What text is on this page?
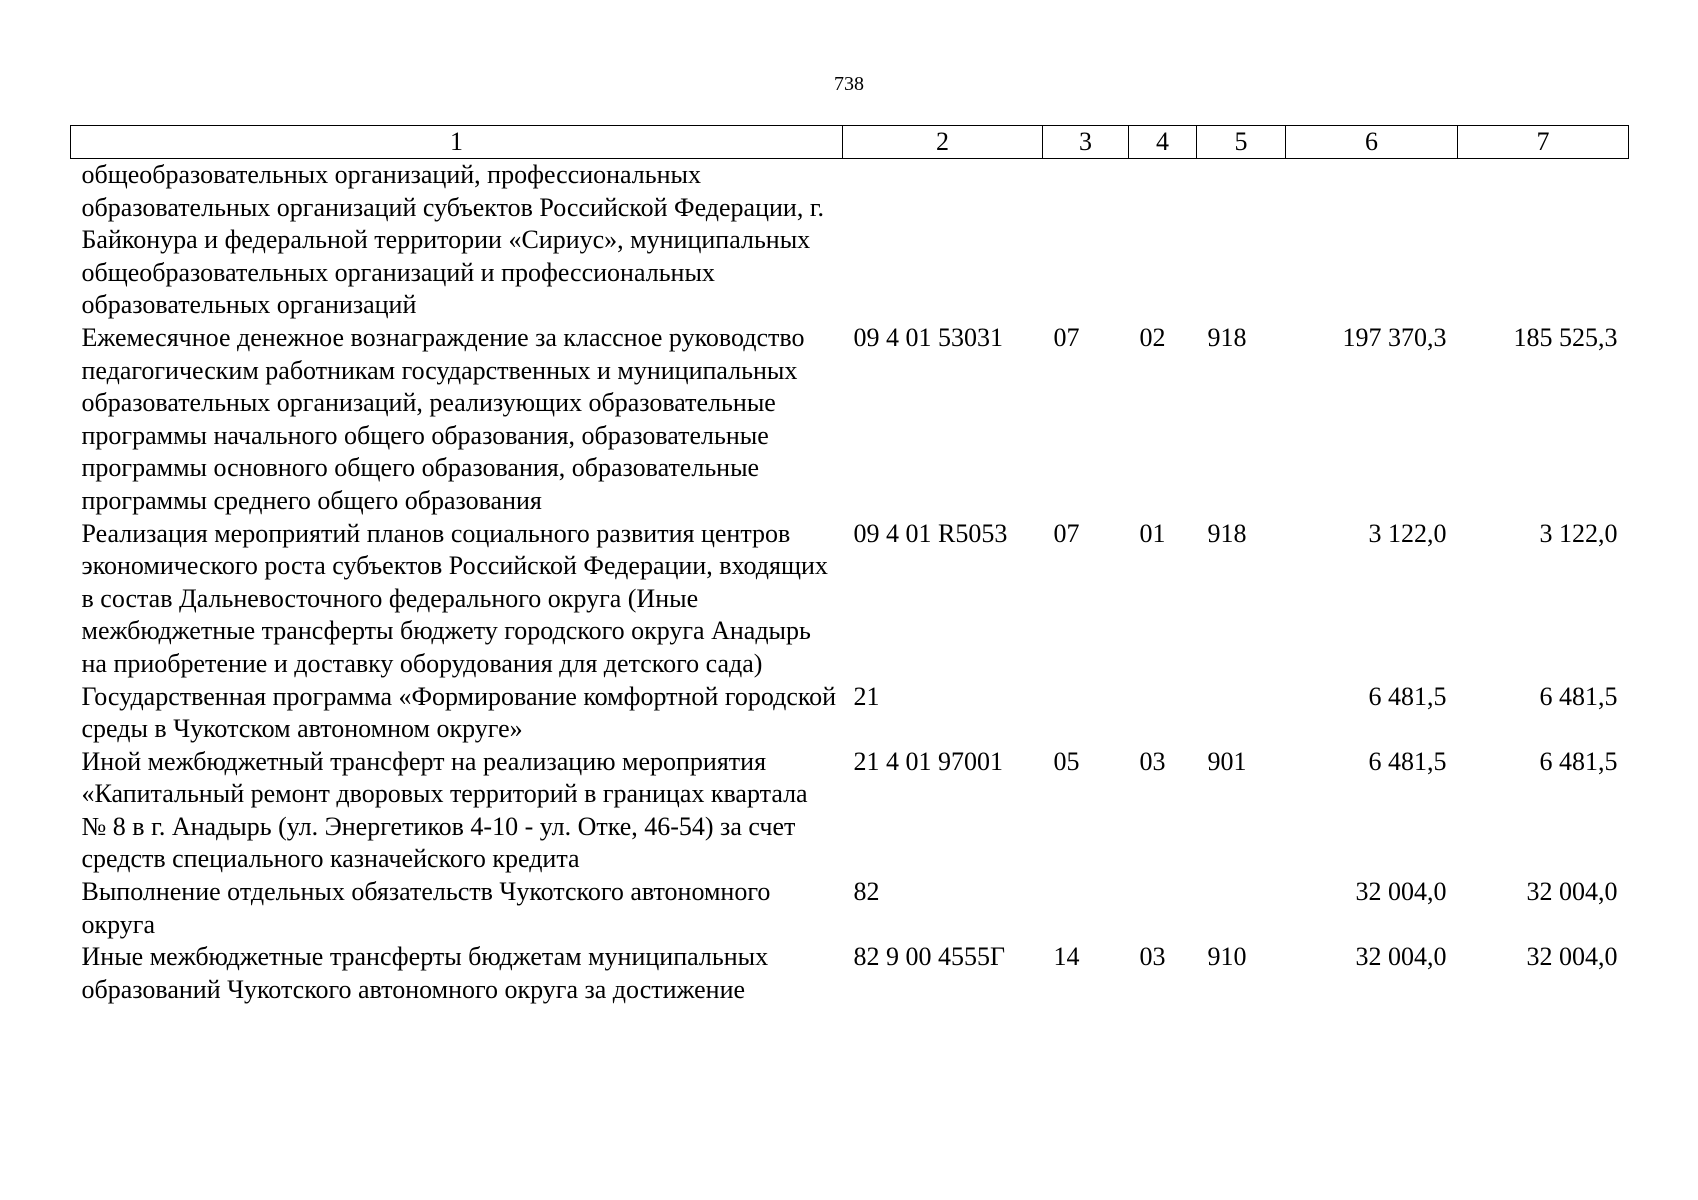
738
1	2	3	4	5	6	7
общеобразовательных организаций, профессиональных образовательных организаций субъектов Российской Федерации, г. Байконура и федеральной территории «Сириус», муниципальных общеобразовательных организаций и профессиональных образовательных организаций						
Ежемесячное денежное вознаграждение за классное руководство педагогическим работникам государственных и муниципальных образовательных организаций, реализующих образовательные программы начального общего образования, образовательные программы основного общего образования, образовательные программы среднего общего образования	09 4 01 53031	07	02	918	197 370,3	185 525,3
Реализация мероприятий планов социального развития центров экономического роста субъектов Российской Федерации, входящих в состав Дальневосточного федерального округа (Иные межбюджетные трансферты бюджету городского округа Анадырь на приобретение и доставку оборудования для детского сада)	09 4 01 R5053	07	01	918	3 122,0	3 122,0
Государственная программа «Формирование комфортной городской среды в Чукотском автономном округе»	21				6 481,5	6 481,5
Иной межбюджетный трансферт на реализацию мероприятия «Капитальный ремонт дворовых территорий в границах квартала № 8 в г. Анадырь (ул. Энергетиков 4-10 - ул. Отке, 46-54) за счет средств специального казначейского кредита	21 4 01 97001	05	03	901	6 481,5	6 481,5
Выполнение отдельных обязательств Чукотского автономного округа	82				32 004,0	32 004,0
Иные межбюджетные трансферты бюджетам муниципальных образований Чукотского автономного округа за достижение	82 9 00 4555Г	14	03	910	32 004,0	32 004,0
